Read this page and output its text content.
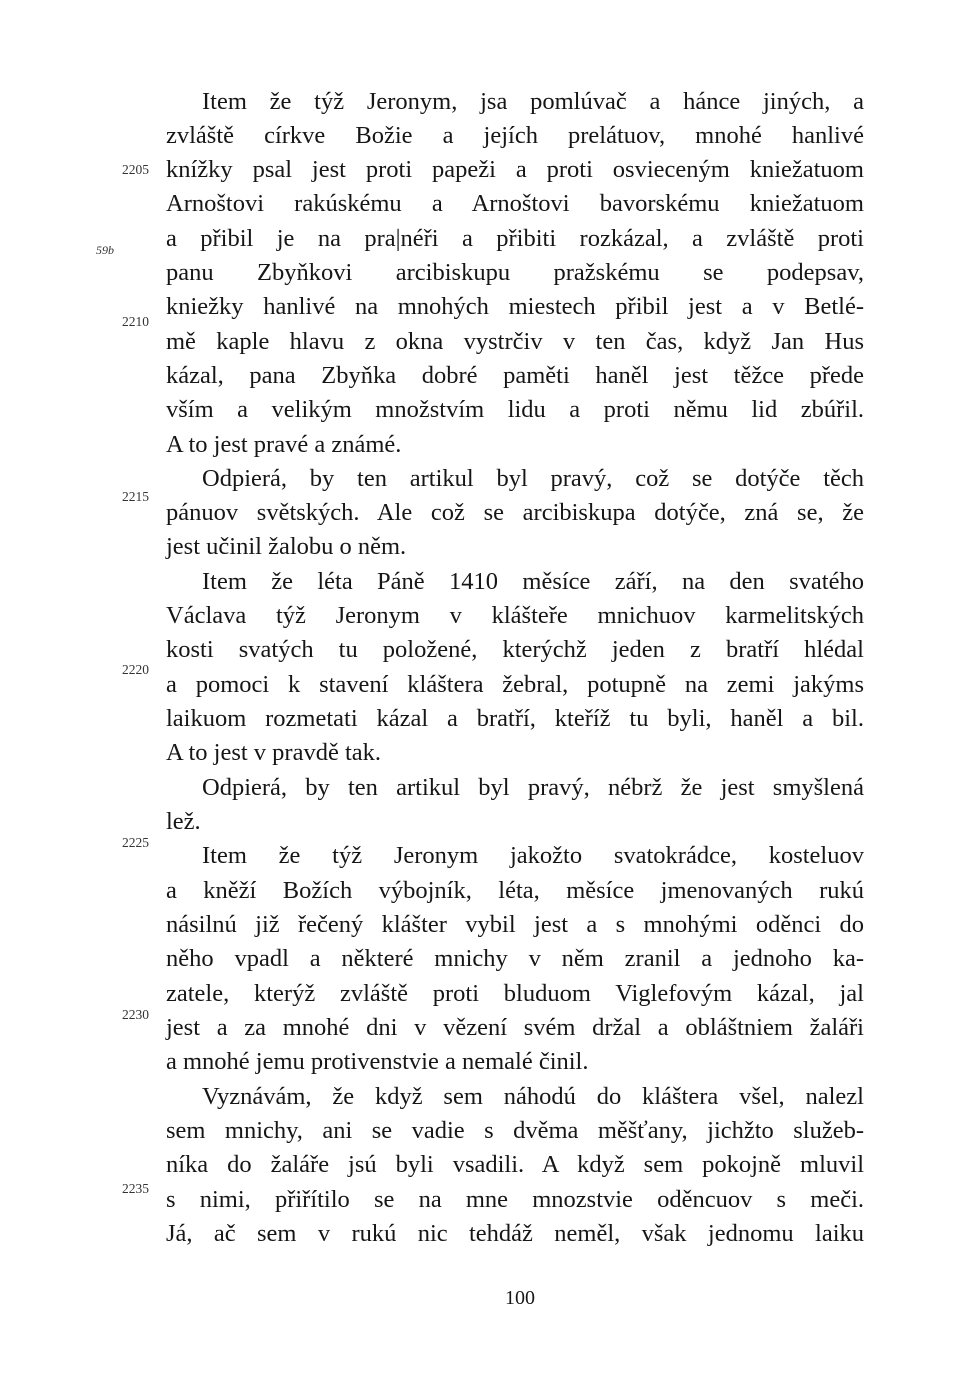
59b
2205
2210
2215
2220
2225
2230
2235
Item že týž Jeronym, jsa pomlúvač a hánce jiných, a
zvláště církve Božie a jejích prelátuov, mnohé hanlivé
knížky psal jest proti papeži a proti osvieceným kniežatuom
Arnoštovi rakúskému a Arnoštovi bavorskému kniežatuom
a přibil je na pra|néři a přibiti rozkázal, a zvláště proti
panu Zbyňkovi arcibiskupu pražskému se podepsav,
kniežky hanlivé na mnohých miestech přibil jest a v Betlé-
mě kaple hlavu z okna vystrčiv v ten čas, když Jan Hus
kázal, pana Zbyňka dobré paměti haněl jest těžce přede
vším a velikým množstvím lidu a proti němu lid zbúřil.
A to jest pravé a známé.
Odpierá, by ten artikul byl pravý, což se dotýče těch
pánuov světských. Ale což se arcibiskupa dotýče, zná se, že
jest učinil žalobu o něm.
Item že léta Páně 1410 měsíce září, na den svatého
Václava týž Jeronym v klášteře mnichuov karmelitských
kosti svatých tu položené, kterýchž jeden z bratří hlédal
a pomoci k stavení kláštera žebral, potupně na zemi jakýms
laikuom rozmetati kázal a bratří, kteříž tu byli, haněl a bil.
A to jest v pravdě tak.
Odpierá, by ten artikul byl pravý, nébrž že jest smyšlená
lež.
Item že týž Jeronym jakožto svatokrádce, kosteluov
a kněží Božích výbojník, léta, měsíce jmenovaných rukú
násilnú již řečený klášter vybil jest a s mnohými oděnci do
něho vpadl a některé mnichy v něm zranil a jednoho ka-
zatele, kterýž zvláště proti bluduom Viglefovým kázal, jal
jest a za mnohé dni v vězení svém držal a obláštniem žaláři
a mnohé jemu protivenstvie a nemalé činil.
Vyznávám, že když sem náhodú do kláštera všel, nalezl
sem mnichy, ani se vadie s dvěma měšťany, jichžto služeb-
níka do žaláře jsú byli vsadili. A když sem pokojně mluvil
s nimi, přiřítilo se na mne mnozstvie oděncuov s meči.
Já, ač sem v rukú nic tehdáž neměl, však jednomu laiku
100
